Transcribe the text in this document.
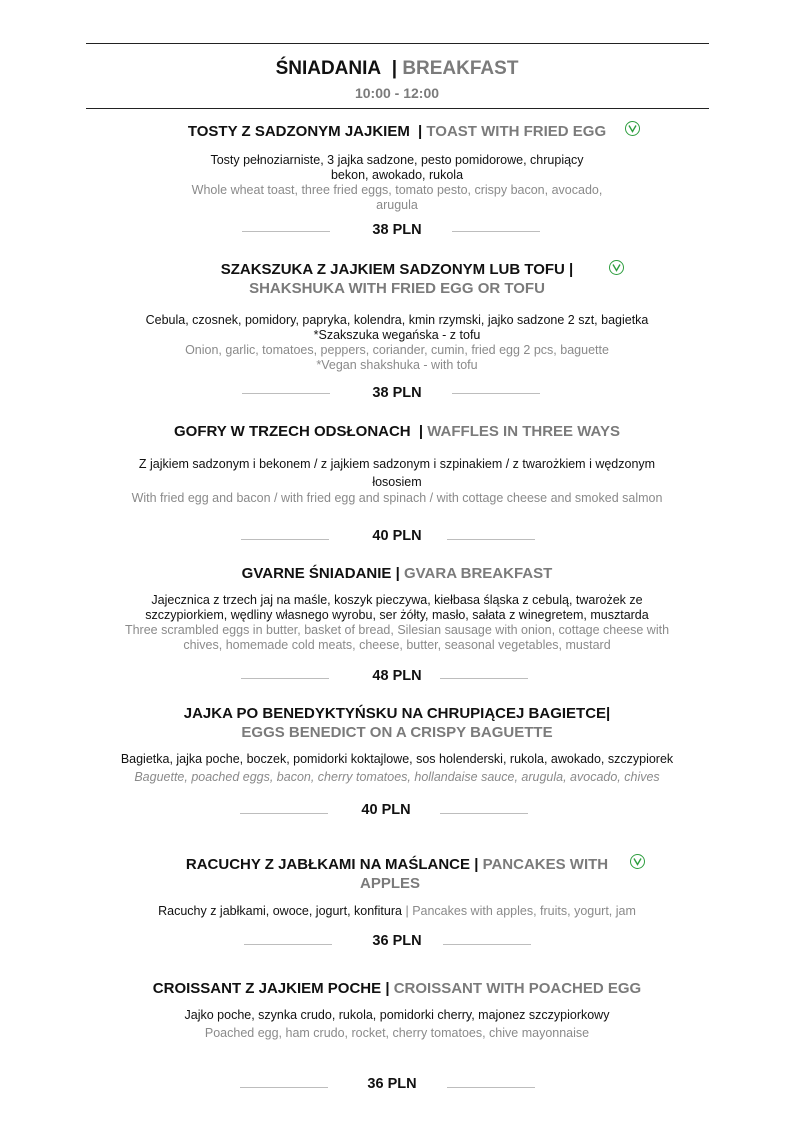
ŚNIADANIA | BREAKFAST
10:00 - 12:00
TOSTY Z SADZONYM JAJKIEM | TOAST WITH FRIED EGG
Tosty pełnoziarniste, 3 jajka sadzone, pesto pomidorowe, chrupiący
bekon, awokado, rukola
Whole wheat toast, three fried eggs, tomato pesto, crispy bacon, avocado,
arugula
38 PLN
SZAKSZUKA Z JAJKIEM SADZONYM LUB TOFU |
SHAKSHUKA WITH FRIED EGG OR TOFU
Cebula, czosnek, pomidory, papryka, kolendra, kmin rzymski, jajko sadzone 2 szt, bagietka
*Szakszuka wegańska - z tofu
Onion, garlic, tomatoes, peppers, coriander, cumin, fried egg 2 pcs, baguette
*Vegan shakshuka - with tofu
38 PLN
GOFRY W TRZECH ODSŁONACH | WAFFLES IN THREE WAYS
Z jajkiem sadzonym i bekonem / z jajkiem sadzonym i szpinakiem / z twarożkiem i wędzonym
łososiem
With fried egg and bacon / with fried egg and spinach / with cottage cheese and smoked salmon
40 PLN
GVARNE ŚNIADANIE | GVARA BREAKFAST
Jajecznica z trzech jaj na maśle, koszyk pieczywa, kiełbasa śląska z cebulą, twarożek ze
szczypiorkiem, wędliny własnego wyrobu, ser żółty, masło, sałata z winegretem, musztarda
Three scrambled eggs in butter, basket of bread, Silesian sausage with onion, cottage cheese with
chives, homemade cold meats, cheese, butter, seasonal vegetables, mustard
48 PLN
JAJKA PO BENEDYKTYŃSKU NA CHRUPIĄCEJ BAGIETCE|
EGGS BENEDICT ON A CRISPY BAGUETTE
Bagietka, jajka poche, boczek, pomidorki koktajlowe, sos holenderski, rukola, awokado, szczypiorek
Baguette, poached eggs, bacon, cherry tomatoes, hollandaise sauce, arugula, avocado, chives
40 PLN
RACUCHY Z JABŁKAMI NA MAŚLANCE | PANCAKES WITH
APPLES
Racuchy z jabłkami, owoce, jogurt, konfitura | Pancakes with apples, fruits, yogurt, jam
36 PLN
CROISSANT Z JAJKIEM POCHE | CROISSANT WITH POACHED EGG
Jajko poche, szynka crudo, rukola, pomidorki cherry, majonez szczypiorkowy
Poached egg, ham crudo, rocket, cherry tomatoes, chive mayonnaise
36 PLN
